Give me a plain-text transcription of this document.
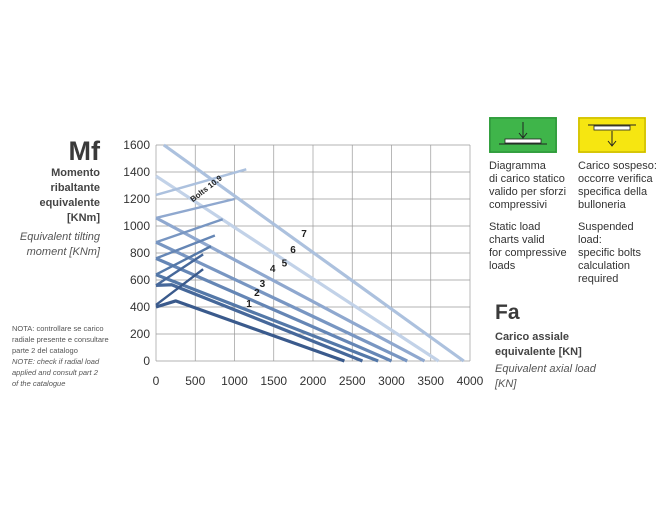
Mf
Momento
ribaltante
equivalente
[KNm]
Equivalent tilting
moment [KNm]
NOTA: controllare se carico
radiale presente e consultare
parte 2 del catalogo
NOTE: check if radial load
applied and consult part 2
of the catalogue	0 500 1000 1500 2000 2500 3000 3500 4000
0
200
400
600
800
1000
1200
1400
1600
1
2
3
4 5
6
7
Bolts 10.9
Diagramma
di carico statico
valido per sforzi
compressivi
Static load
charts valid
for compressive
loads
Carico sospeso:
occorre verifica
specifica della
bulloneria
Suspended load:
specific bolts
calculation
required
Fa
Carico assiale
equivalente [KN]
Equivalent axial load
[KN]
